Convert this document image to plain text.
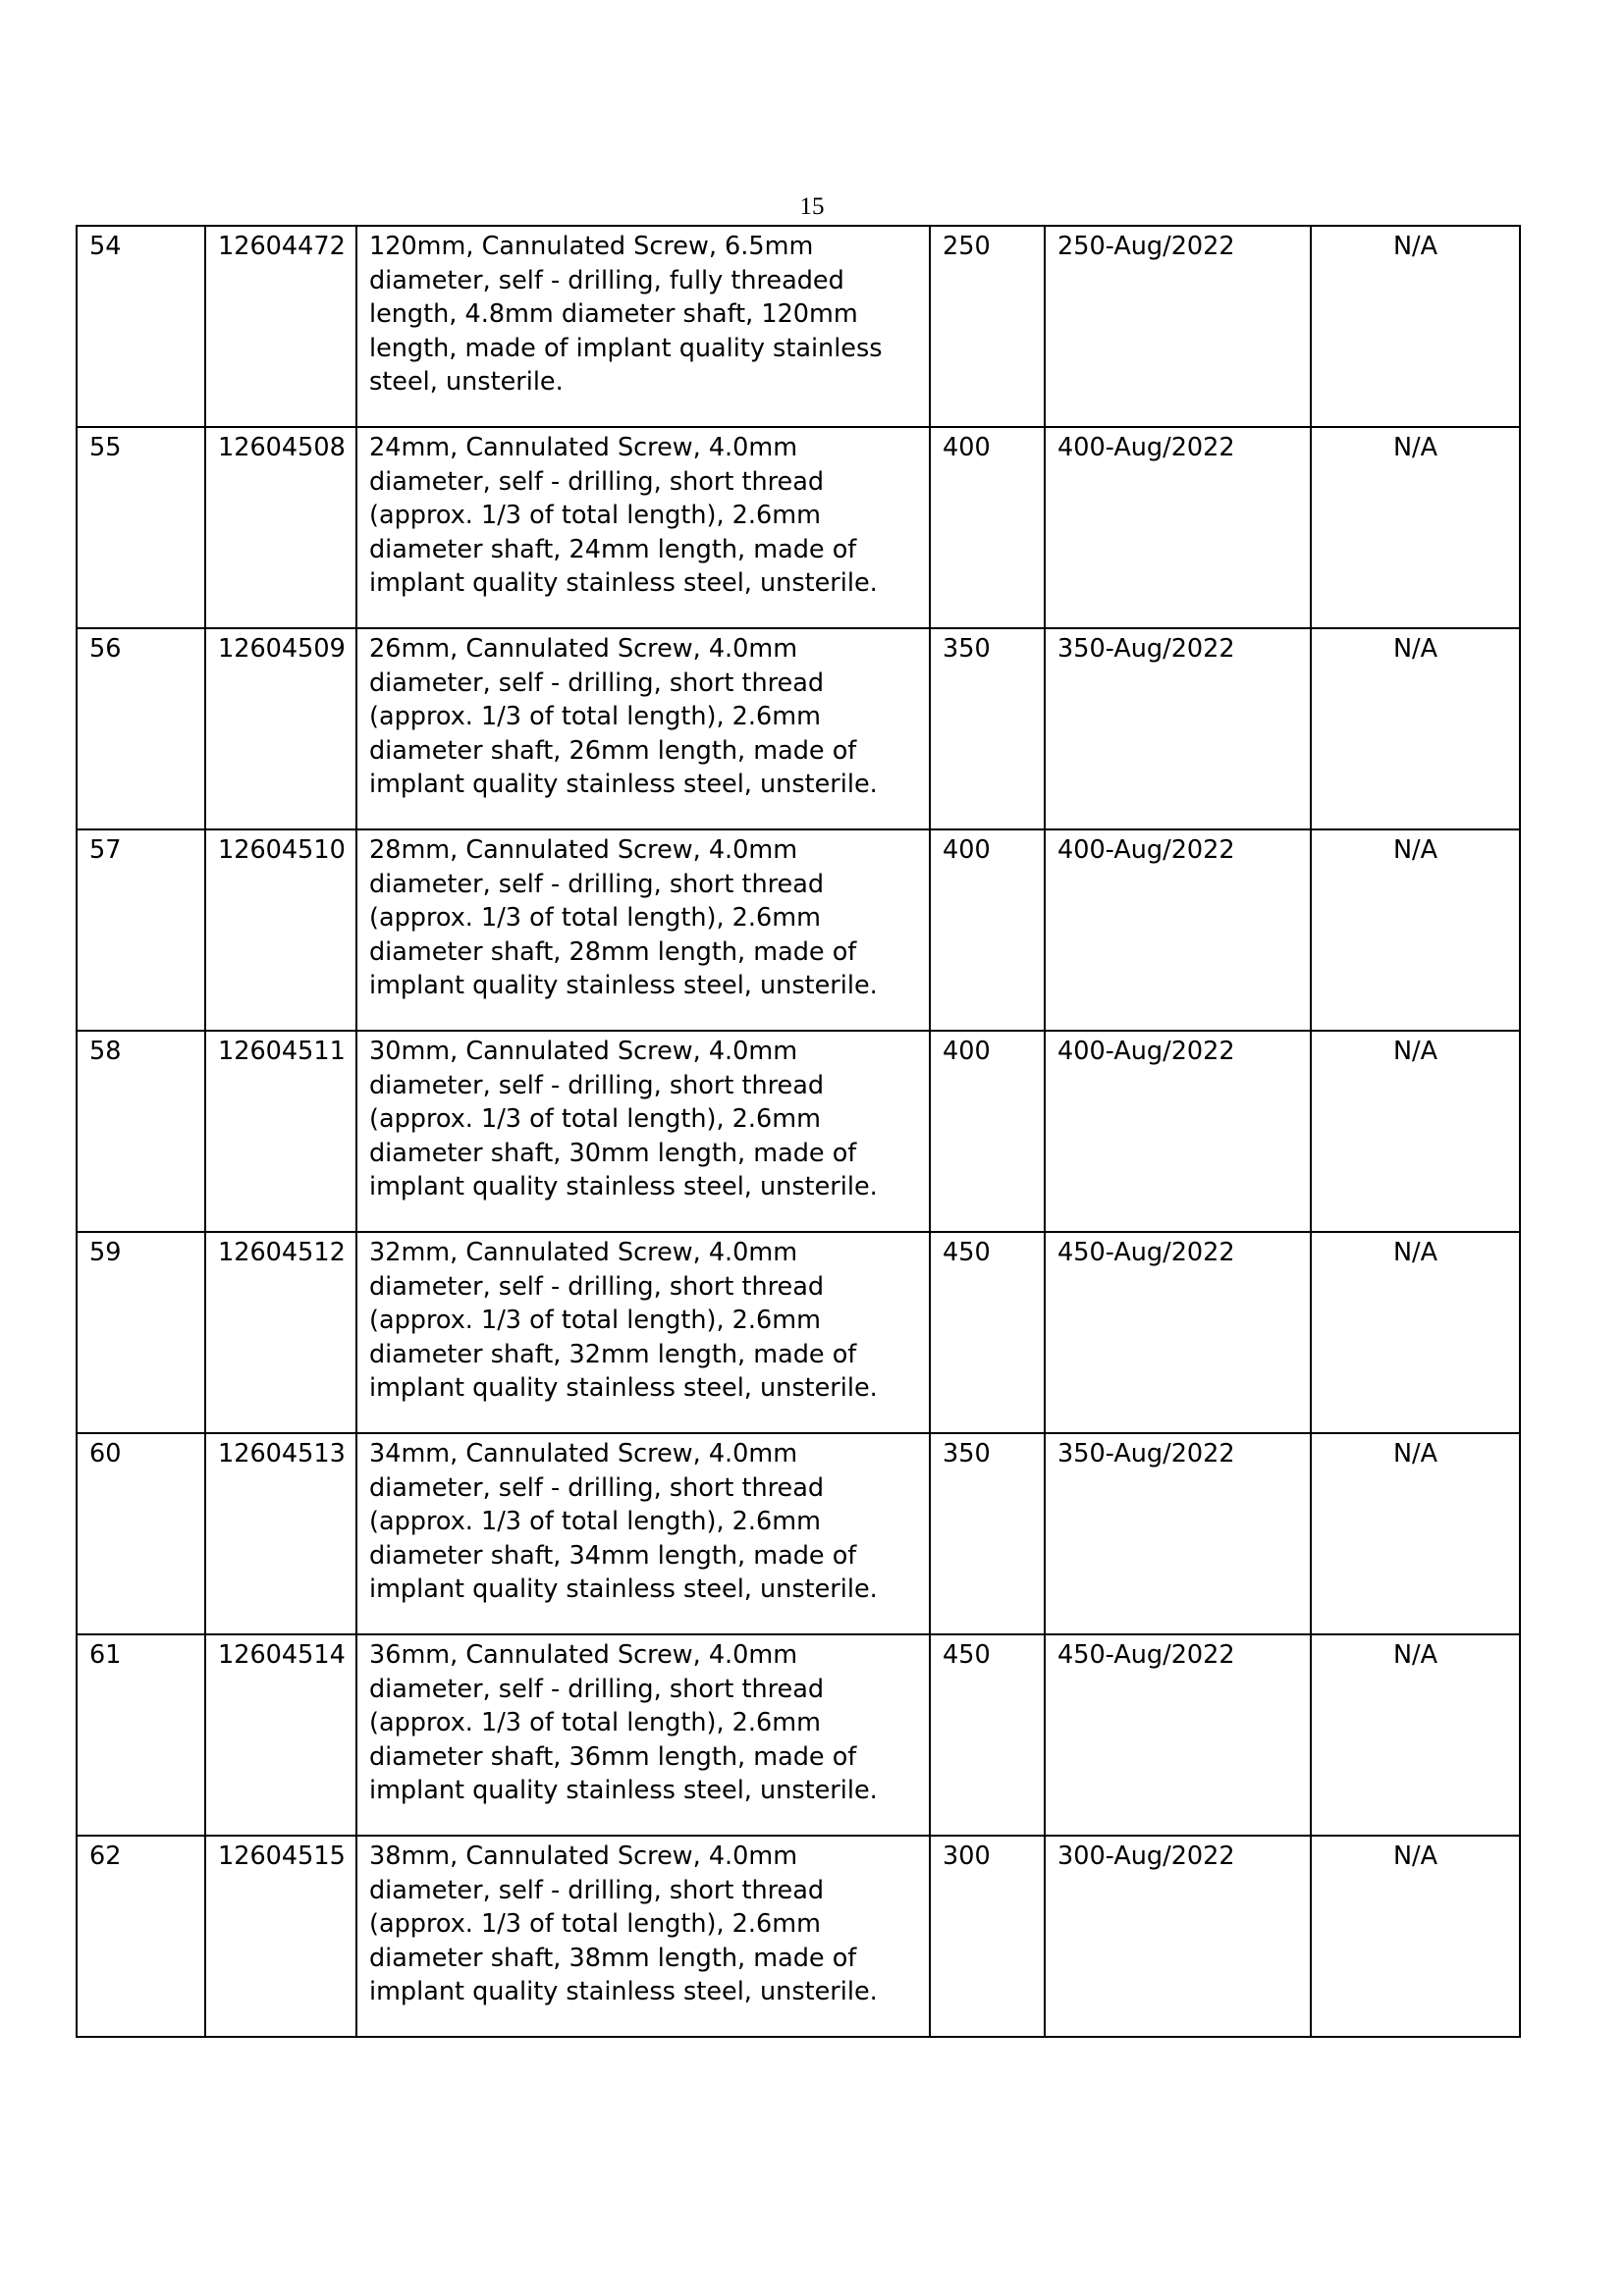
15
54	12604472	120mm, Cannulated Screw, 6.5mm diameter, self - drilling, fully threaded length, 4.8mm diameter shaft, 120mm length, made of implant quality stainless steel, unsterile.	250	250-Aug/2022	N/A
55	12604508	24mm, Cannulated Screw, 4.0mm diameter, self - drilling, short thread (approx. 1/3 of total length), 2.6mm diameter shaft, 24mm length, made of implant quality stainless steel, unsterile.	400	400-Aug/2022	N/A
56	12604509	26mm, Cannulated Screw, 4.0mm diameter, self - drilling, short thread (approx. 1/3 of total length), 2.6mm diameter shaft, 26mm length, made of implant quality stainless steel, unsterile.	350	350-Aug/2022	N/A
57	12604510	28mm, Cannulated Screw, 4.0mm diameter, self - drilling, short thread (approx. 1/3 of total length), 2.6mm diameter shaft, 28mm length, made of implant quality stainless steel, unsterile.	400	400-Aug/2022	N/A
58	12604511	30mm, Cannulated Screw, 4.0mm diameter, self - drilling, short thread (approx. 1/3 of total length), 2.6mm diameter shaft, 30mm length, made of implant quality stainless steel, unsterile.	400	400-Aug/2022	N/A
59	12604512	32mm, Cannulated Screw, 4.0mm diameter, self - drilling, short thread (approx. 1/3 of total length), 2.6mm diameter shaft, 32mm length, made of implant quality stainless steel, unsterile.	450	450-Aug/2022	N/A
60	12604513	34mm, Cannulated Screw, 4.0mm diameter, self - drilling, short thread (approx. 1/3 of total length), 2.6mm diameter shaft, 34mm length, made of implant quality stainless steel, unsterile.	350	350-Aug/2022	N/A
61	12604514	36mm, Cannulated Screw, 4.0mm diameter, self - drilling, short thread (approx. 1/3 of total length), 2.6mm diameter shaft, 36mm length, made of implant quality stainless steel, unsterile.	450	450-Aug/2022	N/A
62	12604515	38mm, Cannulated Screw, 4.0mm diameter, self - drilling, short thread (approx. 1/3 of total length), 2.6mm diameter shaft, 38mm length, made of implant quality stainless steel, unsterile.	300	300-Aug/2022	N/A
